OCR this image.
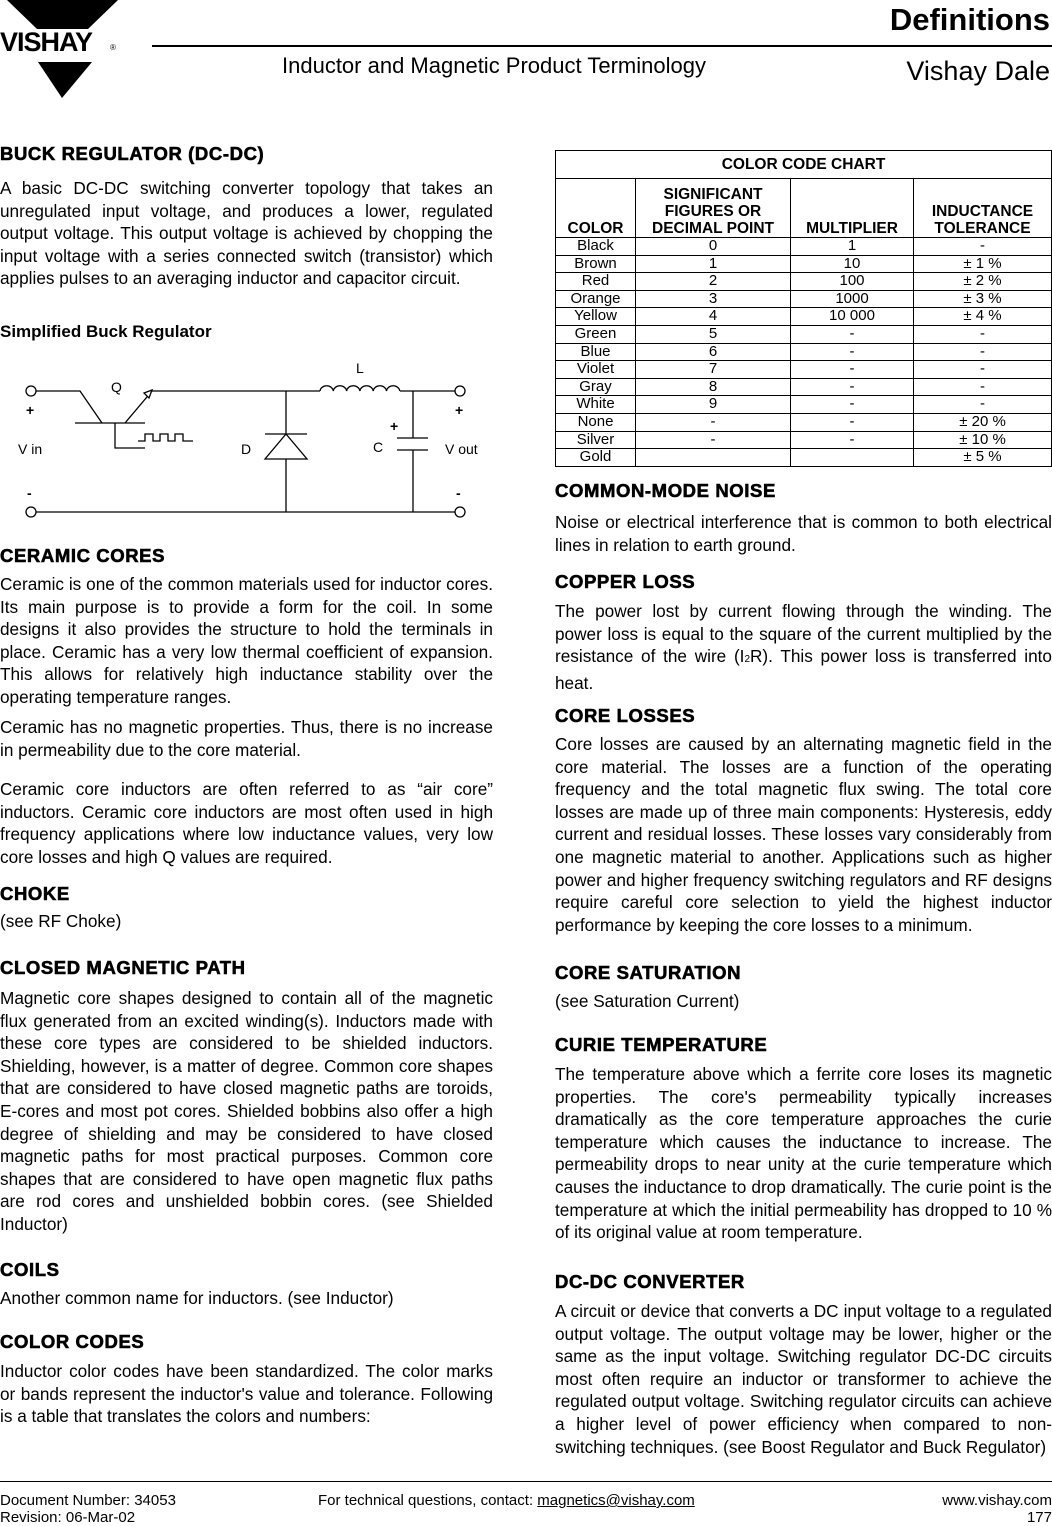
VISHAY ®
Definitions
Inductor and Magnetic Product Terminology	Vishay Dale
BUCK REGULATOR (DC-DC)
A basic DC-DC switching converter topology that takes an unregulated input voltage, and produces a lower, regulated output voltage. This output voltage is achieved by chopping the input voltage with a series connected switch (transistor) which applies pulses to an averaging inductor and capacitor circuit.
Simplified Buck Regulator
Q
L
D	C
V in	V out
+	+
+
-	-
CERAMIC CORES
Ceramic is one of the common materials used for inductor cores. Its main purpose is to provide a form for the coil. In some designs it also provides the structure to hold the terminals in place. Ceramic has a very low thermal coefficient of expansion. This allows for relatively high inductance stability over the operating temperature ranges.
Ceramic has no magnetic properties. Thus, there is no increase in permeability due to the core material.
Ceramic core inductors are often referred to as “air core” inductors. Ceramic core inductors are most often used in high frequency applications where low inductance values, very low core losses and high Q values are required.
CHOKE
(see RF Choke)
CLOSED MAGNETIC PATH
Magnetic core shapes designed to contain all of the magnetic flux generated from an excited winding(s). Inductors made with these core types are considered to be shielded inductors. Shielding, however, is a matter of degree. Common core shapes that are considered to have closed magnetic paths are toroids, E-cores and most pot cores. Shielded bobbins also offer a high degree of shielding and may be considered to have closed magnetic paths for most practical purposes. Common core shapes that are considered to have open magnetic flux paths are rod cores and unshielded bobbin cores. (see Shielded Inductor)
COILS
Another common name for inductors. (see Inductor)
COLOR CODES
Inductor color codes have been standardized. The color marks or bands represent the inductor's value and tolerance. Following is a table that translates the colors and numbers:
COLOR CODE CHART			
COLOR	SIGNIFICANT FIGURES OR DECIMAL POINT	MULTIPLIER	INDUCTANCE TOLERANCE
Black	0	1	-
Brown	1	10	± 1 %
Red	2	100	± 2 %
Orange	3	1000	± 3 %
Yellow	4	10 000	± 4 %
Green	5	-	-
Blue	6	-	-
Violet	7	-	-
Gray	8	-	-
White	9	-	-
None	-	-	± 20 %
Silver	-	-	± 10 %
Gold			± 5 %
COMMON-MODE NOISE
Noise or electrical interference that is common to both electrical lines in relation to earth ground.
COPPER LOSS
The power lost by current flowing through the winding. The power loss is equal to the square of the current multiplied by the resistance of the wire (I2R). This power loss is transferred into heat.
CORE LOSSES
Core losses are caused by an alternating magnetic field in the core material. The losses are a function of the operating frequency and the total magnetic flux swing. The total core losses are made up of three main components: Hysteresis, eddy current and residual losses. These losses vary considerably from one magnetic material to another. Applications such as higher power and higher frequency switching regulators and RF designs require careful core selection to yield the highest inductor performance by keeping the core losses to a minimum.
CORE SATURATION
(see Saturation Current)
CURIE TEMPERATURE
The temperature above which a ferrite core loses its magnetic properties. The core's permeability typically increases dramatically as the core temperature approaches the curie temperature which causes the inductance to increase. The permeability drops to near unity at the curie temperature which causes the inductance to drop dramatically. The curie point is the temperature at which the initial permeability has dropped to 10 % of its original value at room temperature.
DC-DC CONVERTER
A circuit or device that converts a DC input voltage to a regulated output voltage. The output voltage may be lower, higher or the same as the input voltage. Switching regulator DC-DC circuits most often require an inductor or transformer to achieve the regulated output voltage. Switching regulator circuits can achieve a higher level of power efficiency when compared to non-switching techniques. (see Boost Regulator and Buck Regulator)
Document Number: 34053
Revision: 06-Mar-02
For technical questions, contact: magnetics@vishay.com	www.vishay.com
177
